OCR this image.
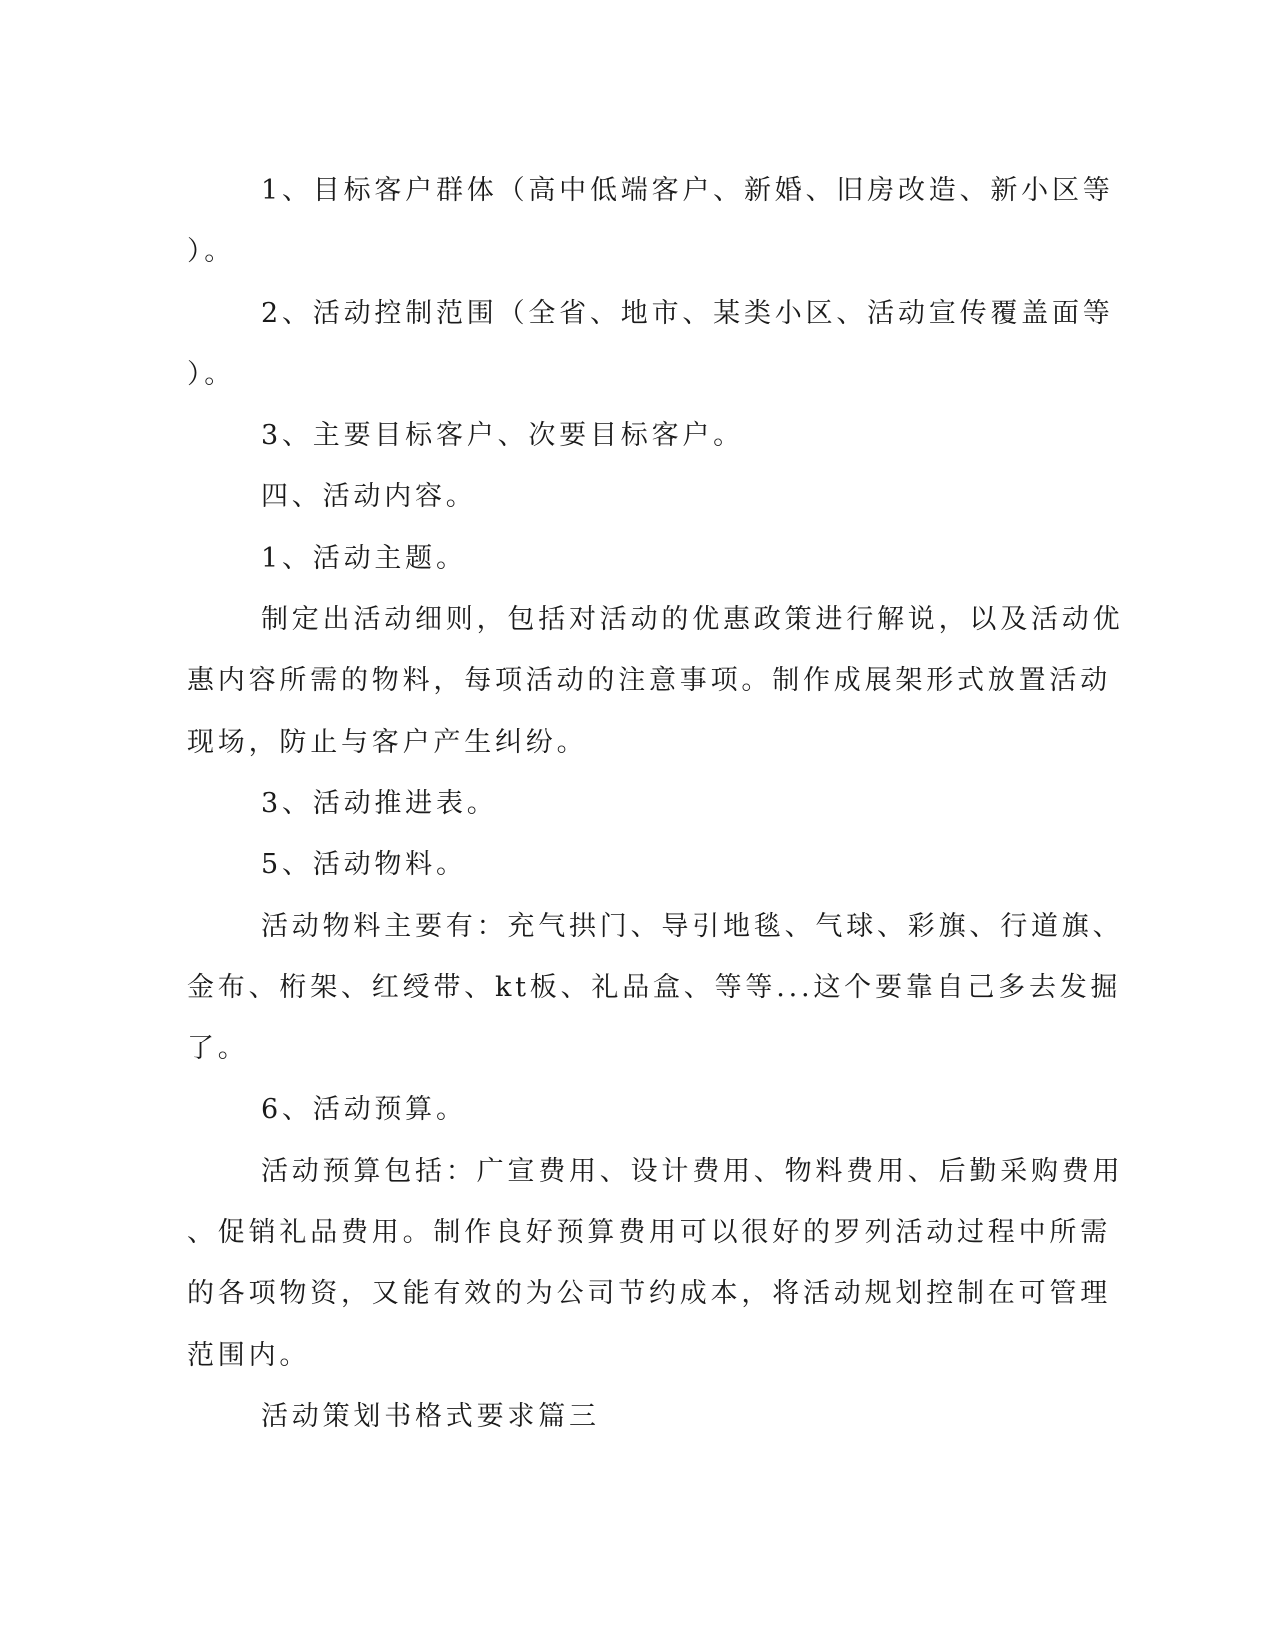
1、目标客户群体（高中低端客户、新婚、旧房改造、新小区等
）。
2、活动控制范围（全省、地市、某类小区、活动宣传覆盖面等
）。
3、主要目标客户、次要目标客户。
四、活动内容。
1、活动主题。
制定出活动细则，包括对活动的优惠政策进行解说，以及活动优
惠内容所需的物料，每项活动的注意事项。制作成展架形式放置活动
现场，防止与客户产生纠纷。
3、活动推进表。
5、活动物料。
活动物料主要有：充气拱门、导引地毯、气球、彩旗、行道旗、
金布、桁架、红绶带、kt板、礼品盒、等等...这个要靠自己多去发掘
了。
6、活动预算。
活动预算包括：广宣费用、设计费用、物料费用、后勤采购费用
、促销礼品费用。制作良好预算费用可以很好的罗列活动过程中所需
的各项物资，又能有效的为公司节约成本，将活动规划控制在可管理
范围内。
活动策划书格式要求篇三
